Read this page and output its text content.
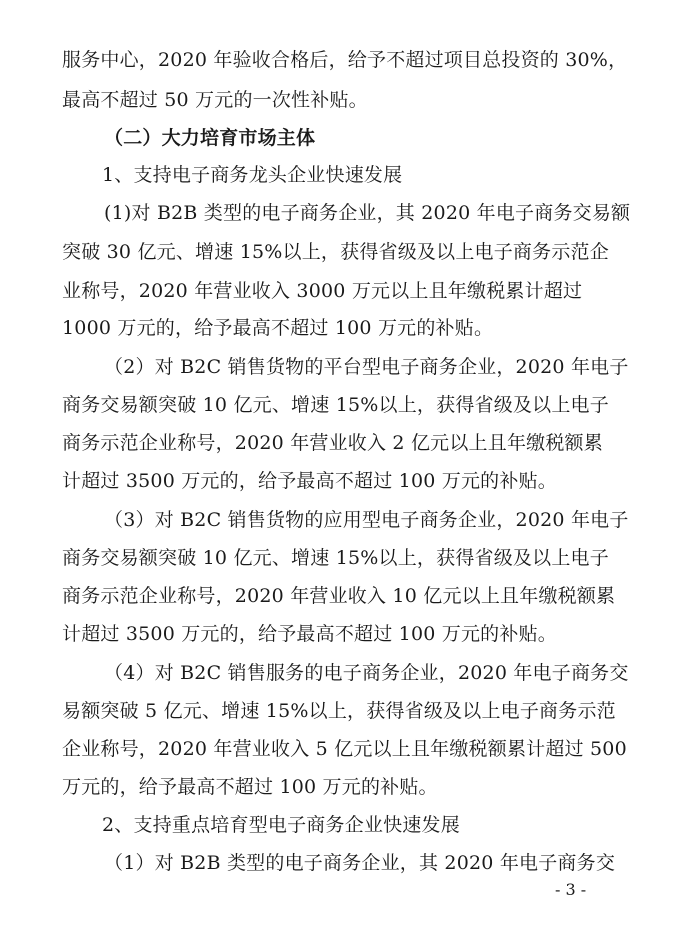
服务中心，2020 年验收合格后，给予不超过项目总投资的 30%，
最高不超过 50 万元的一次性补贴。
（二）大力培育市场主体
1、支持电子商务龙头企业快速发展
(1)对 B2B 类型的电子商务企业，其 2020 年电子商务交易额
突破 30 亿元、增速 15%以上，获得省级及以上电子商务示范企
业称号，2020 年营业收入 3000 万元以上且年缴税累计超过
1000 万元的，给予最高不超过 100 万元的补贴。
（2）对 B2C 销售货物的平台型电子商务企业，2020 年电子
商务交易额突破 10 亿元、增速 15%以上，获得省级及以上电子
商务示范企业称号，2020 年营业收入 2 亿元以上且年缴税额累
计超过 3500 万元的，给予最高不超过 100 万元的补贴。
（3）对 B2C 销售货物的应用型电子商务企业，2020 年电子
商务交易额突破 10 亿元、增速 15%以上，获得省级及以上电子
商务示范企业称号，2020 年营业收入 10 亿元以上且年缴税额累
计超过 3500 万元的，给予最高不超过 100 万元的补贴。
（4）对 B2C 销售服务的电子商务企业，2020 年电子商务交
易额突破 5 亿元、增速 15%以上，获得省级及以上电子商务示范
企业称号，2020 年营业收入 5 亿元以上且年缴税额累计超过 500
万元的，给予最高不超过 100 万元的补贴。
2、支持重点培育型电子商务企业快速发展
（1）对 B2B 类型的电子商务企业，其 2020 年电子商务交
- 3 -
